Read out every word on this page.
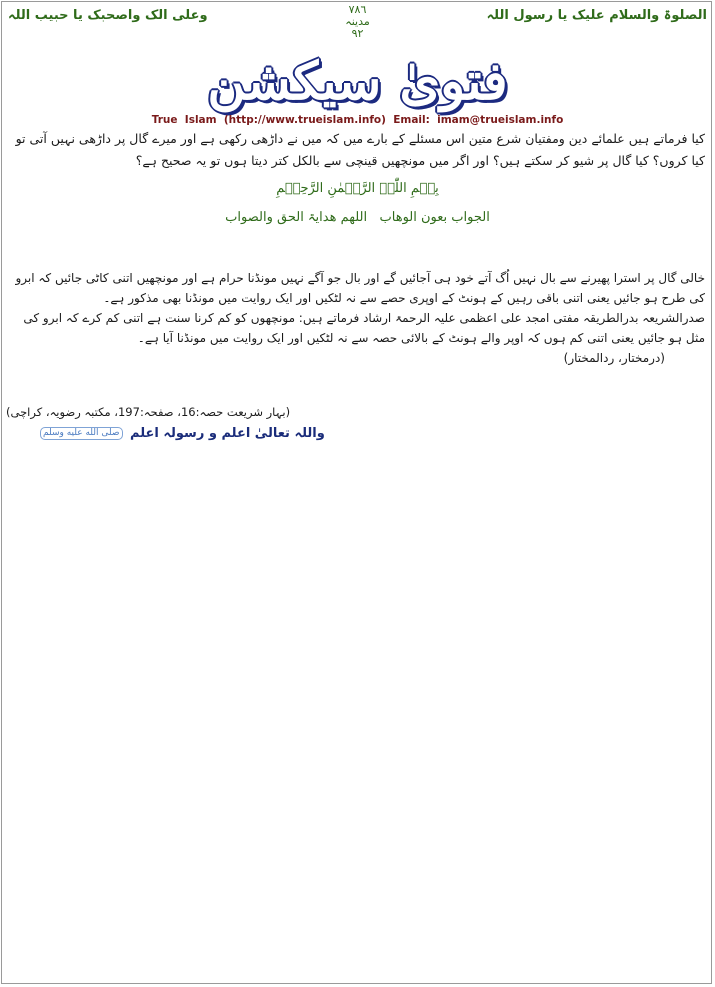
الصلوۃ والسلام علیک یا رسول اللہ
۷۸٦
مدینہ
۹۲
وعلی الک واصحبک یا حبیب اللہ
فتویٰ سیکشن
True  Islam  (http://www.trueislam.info)  Email:  imam@trueislam.info
کیا فرماتے ہیں علمائے دین ومفتیان شرع متین اس مسئلے کے بارے میں کہ میں نے داڑھی رکھی ہے اور میرے گال پر داڑھی نہیں آتی تو کیا کروں؟ کیا گال پر شیو کر سکتے ہیں؟ اور اگر میں مونچھیں قینچی سے بالکل کتر دیتا ہوں تو یہ صحیح ہے؟
بِسۡمِ اللّٰہِ الرَّحۡمٰنِ الرَّحِیۡمِ
الجواب بعون الوھاب   اللھم ھدایۃ الحق والصواب

خالی گال پر استرا پھیرنے سے بال نہیں اُگ آتے خود ہی آجائیں گے اور بال جو آگے نہیں مونڈنا حرام ہے اور مونچھیں اتنی کاٹی جائیں کہ ابرو کی طرح ہو جائیں یعنی اتنی باقی رہیں کے ہونٹ کے اوپری حصے سے نہ لٹکیں اور ایک روایت میں مونڈنا بھی مذکور ہے۔

صدرالشریعہ بدرالطریقہ مفتی امجد علی اعظمی علیہ الرحمۃ ارشاد فرماتے ہیں: مونچھوں کو کم کرنا سنت ہے اتنی کم کرے کہ ابرو کی مثل ہو جائیں یعنی اتنی کم ہوں کہ اوپر والے ہونٹ کے بالائی حصہ سے نہ لٹکیں اور ایک روایت میں مونڈنا آیا ہے۔(درمختار، ردالمختار)

(بہار شریعت حصہ:16، صفحہ:197، مکتبہ رضویہ، کراچی)
واللہ تعالیٰ اعلم و رسولہ اعلم صلى الله عليه وسلم
